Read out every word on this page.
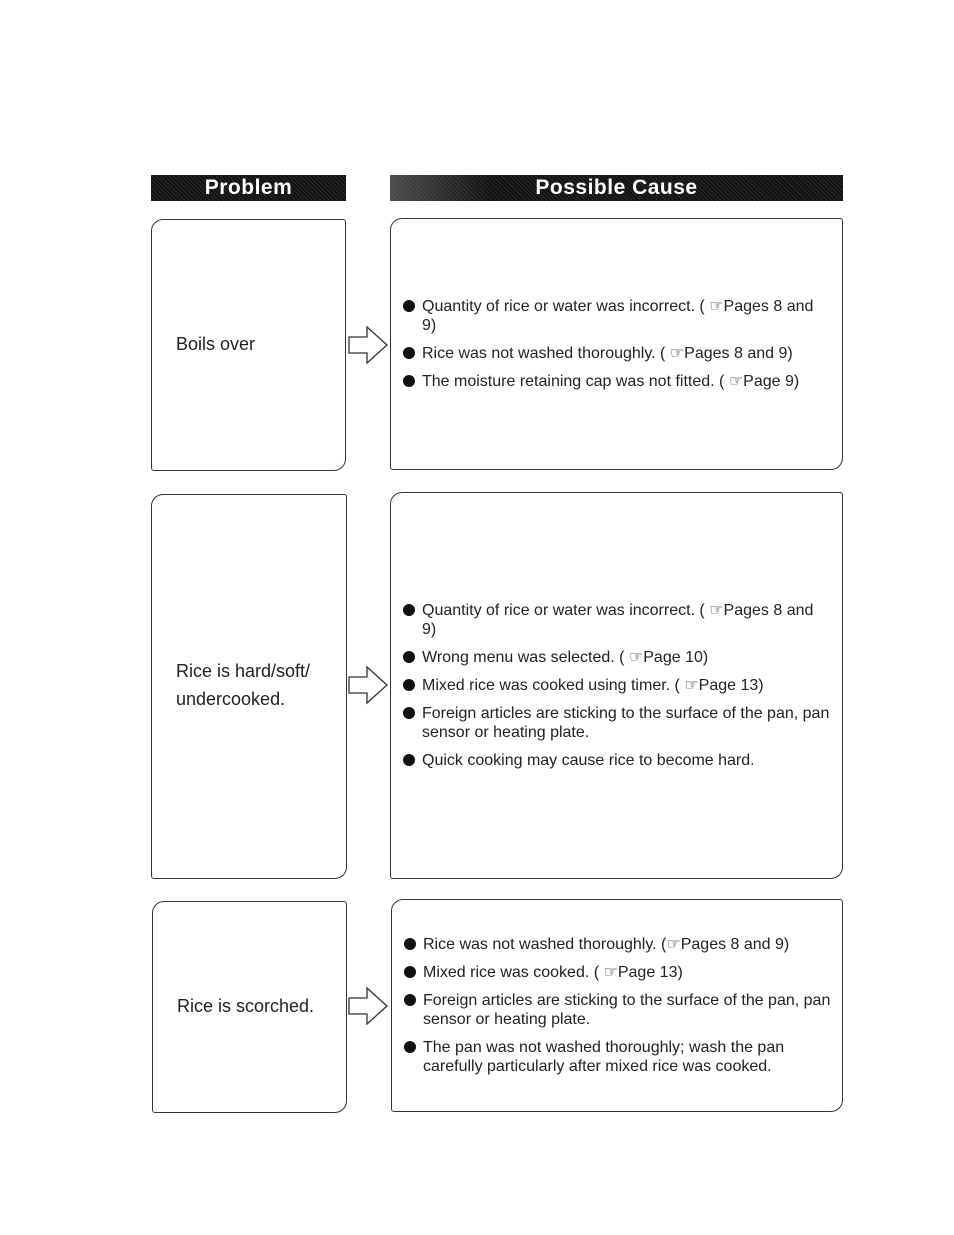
Problem	Possible Cause
Boils over
Quantity of rice or water was incorrect. ( ☞Pages 8 and 9)
Rice was not washed thoroughly. ( ☞Pages 8 and 9)
The moisture retaining cap was not fitted. ( ☞Page 9)
Rice is hard/soft/
undercooked.
Quantity of rice or water was incorrect. ( ☞Pages 8 and 9)
Wrong menu was selected. ( ☞Page 10)
Mixed rice was cooked using timer. ( ☞Page 13)
Foreign articles are sticking to the surface of the pan, pan sensor or heating plate.
Quick cooking may cause rice to become hard.
Rice is scorched.
Rice was not washed thoroughly. (☞Pages 8 and 9)
Mixed rice was cooked. ( ☞Page 13)
Foreign articles are sticking to the surface of the pan, pan sensor or heating plate.
The pan was not washed thoroughly; wash the pan carefully particularly after mixed rice was cooked.
